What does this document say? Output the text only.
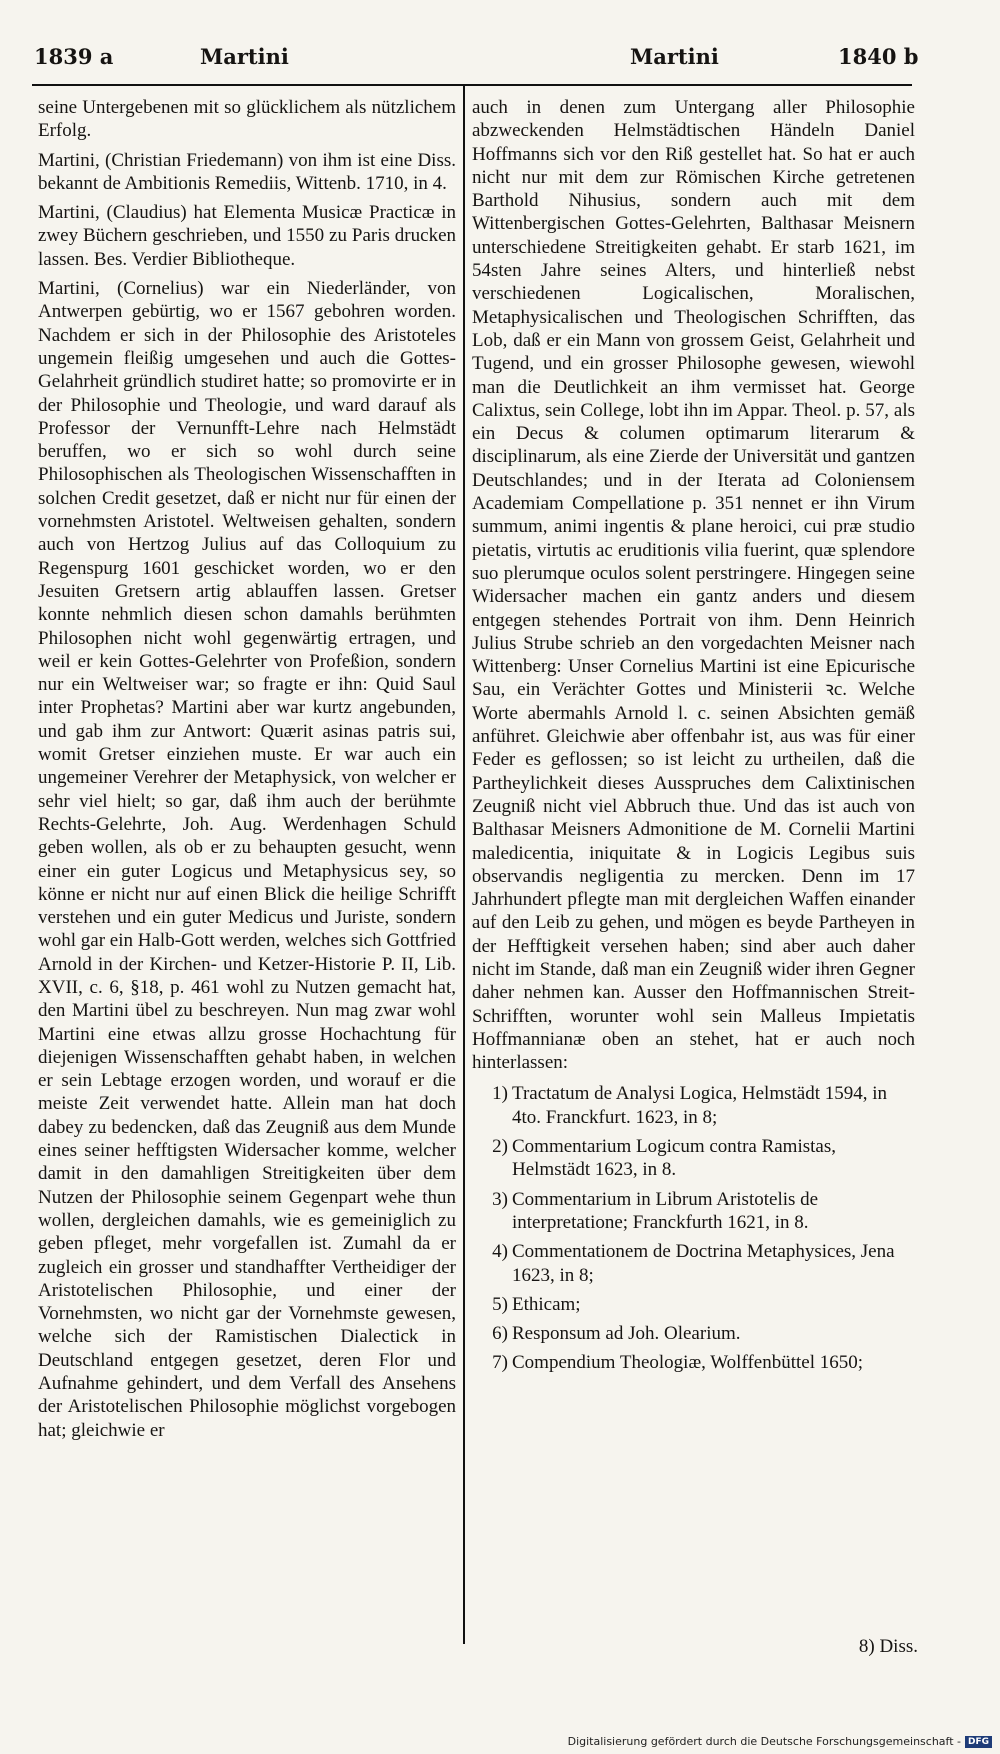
1839 a	Martini	Martini	1840 b

seine Untergebenen mit so glücklichem als nützlichem Erfolg.

Martini, (Christian Friedemann) von ihm ist eine Diss. bekannt de Ambitionis Remediis, Wittenb. 1710, in 4.

Martini, (Claudius) hat Elementa Musicæ Practicæ in zwey Büchern geschrieben, und 1550 zu Paris drucken lassen. Bes. Verdier Bibliotheque.

Martini, (Cornelius) war ein Niederländer, von Antwerpen gebürtig, wo er 1567 gebohren worden. Nachdem er sich in der Philosophie des Aristoteles ungemein fleißig umgesehen und auch die Gottes-Gelahrheit gründlich studiret hatte; so promovirte er in der Philosophie und Theologie, und ward darauf als Professor der Vernunfft-Lehre nach Helmstädt beruffen, wo er sich so wohl durch seine Philosophischen als Theologischen Wissenschafften in solchen Credit gesetzet, daß er nicht nur für einen der vornehmsten Aristotel. Weltweisen gehalten, sondern auch von Hertzog Julius auf das Colloquium zu Regenspurg 1601 geschicket worden, wo er den Jesuiten Gretsern artig ablauffen lassen. Gretser konnte nehmlich diesen schon damahls berühmten Philosophen nicht wohl gegenwärtig ertragen, und weil er kein Gottes-Gelehrter von Profeßion, sondern nur ein Weltweiser war; so fragte er ihn: Quid Saul inter Prophetas? Martini aber war kurtz angebunden, und gab ihm zur Antwort: Quærit asinas patris sui, womit Gretser einziehen muste. Er war auch ein ungemeiner Verehrer der Metaphysick, von welcher er sehr viel hielt; so gar, daß ihm auch der berühmte Rechts-Gelehrte, Joh. Aug. Werdenhagen Schuld geben wollen, als ob er zu behaupten gesucht, wenn einer ein guter Logicus und Metaphysicus sey, so könne er nicht nur auf einen Blick die heilige Schrifft verstehen und ein guter Medicus und Juriste, sondern wohl gar ein Halb-Gott werden, welches sich Gottfried Arnold in der Kirchen- und Ketzer-Historie P. II, Lib. XVII, c. 6, §18, p. 461 wohl zu Nutzen gemacht hat, den Martini übel zu beschreyen. Nun mag zwar wohl Martini eine etwas allzu grosse Hochachtung für diejenigen Wissenschafften gehabt haben, in welchen er sein Lebtage erzogen worden, und worauf er die meiste Zeit verwendet hatte. Allein man hat doch dabey zu bedencken, daß das Zeugniß aus dem Munde eines seiner hefftigsten Widersacher komme, welcher damit in den damahligen Streitigkeiten über dem Nutzen der Philosophie seinem Gegenpart wehe thun wollen, dergleichen damahls, wie es gemeiniglich zu geben pfleget, mehr vorgefallen ist. Zumahl da er zugleich ein grosser und standhaffter Vertheidiger der Aristotelischen Philosophie, und einer der Vornehmsten, wo nicht gar der Vornehmste gewesen, welche sich der Ramistischen Dialectick in Deutschland entgegen gesetzet, deren Flor und Aufnahme gehindert, und dem Verfall des Ansehens der Aristotelischen Philosophie möglichst vorgebogen hat; gleichwie er

auch in denen zum Untergang aller Philosophie abzweckenden Helmstädtischen Händeln Daniel Hoffmanns sich vor den Riß gestellet hat. So hat er auch nicht nur mit dem zur Römischen Kirche getretenen Barthold Nihusius, sondern auch mit dem Wittenbergischen Gottes-Gelehrten, Balthasar Meisnern unterschiedene Streitigkeiten gehabt. Er starb 1621, im 54sten Jahre seines Alters, und hinterließ nebst verschiedenen Logicalischen, Moralischen, Metaphysicalischen und Theologischen Schrifften, das Lob, daß er ein Mann von grossem Geist, Gelahrheit und Tugend, und ein grosser Philosophe gewesen, wiewohl man die Deutlichkeit an ihm vermisset hat. George Calixtus, sein College, lobt ihn im Appar. Theol. p. 57, als ein Decus & columen optimarum literarum & disciplinarum, als eine Zierde der Universität und gantzen Deutschlandes; und in der Iterata ad Coloniensem Academiam Compellatione p. 351 nennet er ihn Virum summum, animi ingentis & plane heroici, cui præ studio pietatis, virtutis ac eruditionis vilia fuerint, quæ splendore suo plerumque oculos solent perstringere. Hingegen seine Widersacher machen ein gantz anders und diesem entgegen stehendes Portrait von ihm. Denn Heinrich Julius Strube schrieb an den vorgedachten Meisner nach Wittenberg: Unser Cornelius Martini ist eine Epicurische Sau, ein Verächter Gottes und Ministerii ꝛc. Welche Worte abermahls Arnold l. c. seinen Absichten gemäß anführet. Gleichwie aber offenbahr ist, aus was für einer Feder es geflossen; so ist leicht zu urtheilen, daß die Partheylichkeit dieses Ausspruches dem Calixtinischen Zeugniß nicht viel Abbruch thue. Und das ist auch von Balthasar Meisners Admonitione de M. Cornelii Martini maledicentia, iniquitate & in Logicis Legibus suis observandis negligentia zu mercken. Denn im 17 Jahrhundert pflegte man mit dergleichen Waffen einander auf den Leib zu gehen, und mögen es beyde Partheyen in der Hefftigkeit versehen haben; sind aber auch daher nicht im Stande, daß man ein Zeugniß wider ihren Gegner daher nehmen kan. Ausser den Hoffmannischen Streit-Schrifften, worunter wohl sein Malleus Impietatis Hoffmannianæ oben an stehet, hat er auch noch hinterlassen:

1) Tractatum de Analysi Logica, Helmstädt 1594, in 4to. Franckfurt. 1623, in 8;
2) Commentarium Logicum contra Ramistas, Helmstädt 1623, in 8.
3) Commentarium in Librum Aristotelis de interpretatione; Franckfurth 1621, in 8.
4) Commentationem de Doctrina Metaphysices, Jena 1623, in 8;
5) Ethicam;
6) Responsum ad Joh. Olearium.
7) Compendium Theologiæ, Wolffenbüttel 1650;
8) Diss.
Digitalisierung gefördert durch die Deutsche Forschungsgemeinschaft - DFG
